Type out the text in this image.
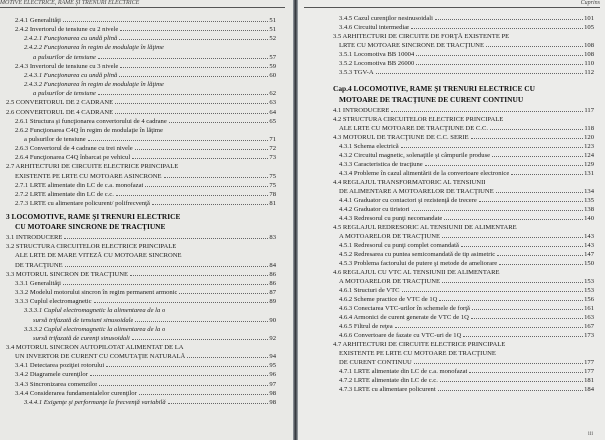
MOTIVE ELECTRICE, RAME ŞI TRENURI ELECTRICE
2.4.1 Generalităţi	51
2.4.2 Invertorul de tensiune cu 2 nivele	51
2.4.2.1 Funcţionarea cu undă plină	52
2.4.2.2 Funcţionarea în regim de modulaţie în lăţime
a pulsurilor de tensiune	57
2.4.3 Invertorul de tensiune cu 3 nivele	59
2.4.3.1 Funcţionarea cu undă plină	60
2.4.3.2 Funcţionarea în regim de modulaţie în lăţime
a pulsurilor de tensiune	62
2.5 CONVERTORUL DE 2 CADRANE	63
2.6 CONVERTORUL DE 4 CADRANE	64
2.6.1 Structura şi funcţionarea convertorului de 4 cadrane	65
2.6.2 Funcţionarea C4Q în regim de modulaţie în lăţime
a pulsurilor de tensiune	71
2.6.3 Convertorul de 4 cadrane cu trei nivele	72
2.6.4 Funcţionarea C4Q înbarcat pe vehicul	73
2.7 ARHITECTURI DE CIRCUITE ELECTRICE PRINCIPALE
EXISTENTE PE LRTE CU MOTOARE ASINCRONE	75
2.7.1 LRTE alimentate din LC de c.a. monofazat	75
2.7.2 LRTE alimentate din LC de c.c.	78
2.7.3 LRTE cu alimentare policurent/ polifrecvenţă	81
3 LOCOMOTIVE, RAME ŞI TRENURI ELECTRICE
CU MOTOARE SINCRONE DE TRACŢIUNE
3.1 INTRODUCERE	83
3.2 STRUCTURA CIRCUITELOR ELECTRICE PRINCIPALE
ALE LRTE DE MARE VITEZĂ CU MOTOARE SINCRONE
DE TRACŢIUNE	84
3.3 MOTORUL SINCRON DE TRACŢIUNE	86
3.3.1 Generalităţi	86
3.3.2 Modelul motorului sincron în regim permanent armonic	87
3.3.3 Cuplul electromagnetic	89
3.3.3.1 Cuplul electromagnetic la alimentarea de la o
sursă trifazată de tensiuni sinusoidale	90
3.3.3.2 Cuplul electromagnetic la alimentarea de la o
sursă trifazată de curenţi sinusoidali	92
3.4 MOTORUL SINCRON AUTOPILOTAT ALIMENTAT DE LA
UN INVERTOR DE CURENT CU COMUTAŢIE NATURALĂ	94
3.4.1 Detectarea poziţiei rotorului	95
3.4.2 Diagramele curenţilor	96
3.4.3 Sincronizarea comenzilor	97
3.4.4 Considerarea fundamentalelor curenţilor	98
3.4.4.1 Exigenţe şi performanţe la frecvenţă variabilă	98
Cuprins
3.4.5 Cazul curenţilor nesinusoidali	101
3.4.6 Circuitul intermediar	105
3.5 ARHITECTURI DE CIRCUITE DE FORŢĂ EXISTENTE PE
LRTE CU MOTOARE SINCRONE DE TRACŢIUNE	108
3.5.1 Locomotiva BB 10004	108
3.5.2 Locomotiva BB 26000	110
3.5.3 TGV-A	112
Cap.4 LOCOMOTIVE, RAME ŞI TRENURI ELECTRICE CU
MOTOARE DE TRACŢIUNE DE CURENT CONTINUU
4.1 INTRODUCERE	117
4.2 STRUCTURA CIRCUITELOR ELECTRICE PRINCIPALE
ALE LRTE CU MOTOARE DE TRACŢIUNE DE C.C.	118
4.3 MOTORUL DE TRACŢIUNE DE C.C. SERIE	120
4.3.1 Schema electrică	123
4.3.2 Circuitul magnetic, solenaţiile şi câmpurile produse	124
4.3.3 Caracteristica de tracţiune	129
4.3.4 Probleme în cazul alimentării de la convertoare electronice	131
4.4 REGLAJUL TRANSFORMATORIC AL TENSIUNII
DE ALIMENTARE A MOTOARELOR DE TRACŢIUNE	134
4.4.1 Graduator cu contactori şi rezistenţă de trecere	135
4.4.2 Graduator cu tiristori	138
4.4.3 Redresorul cu punţi necomandate	140
4.5 REGLAJUL REDRESORIC AL TENSIUNII DE ALIMENTARE
A MOTOARELOR DE TRACŢIUNE	143
4.5.1 Redresorul cu punţi complet comandată	143
4.5.2 Redresarea cu puntea semicomandată de tip asimetric	147
4.5.3 Problema factorului de putere şi metode de ameliorare	150
4.6 REGLAJUL CU VTC AL TENSIUNII DE ALIMENTARE
A MOTOARELOR DE TRACŢIUNE	153
4.6.1 Structuri de VTC	153
4.6.2 Scheme practice de VTC de 1Q	156
4.6.3 Conectarea VTC-urilor în schemele de forţă	161
4.6.4 Armonici de curent generate de VTC de 1Q	163
4.6.5 Filtrul de reţea	167
4.6.6 Convertoare de fazate cu VTC-uri de 1Q	173
4.7 ARHITECTURI DE CIRCUITE ELECTRICE PRINCIPALE
EXISTENTE PE LRTE CU MOTOARE DE TRACŢIUNE
DE CURENT CONTINUU	177
4.7.1 LRTE alimentate din LC de c.a. monofazat	177
4.7.2 LRTE alimentate din LC de c.c.	181
4.7.3 LRTE cu alimentare policurent	184
iii
